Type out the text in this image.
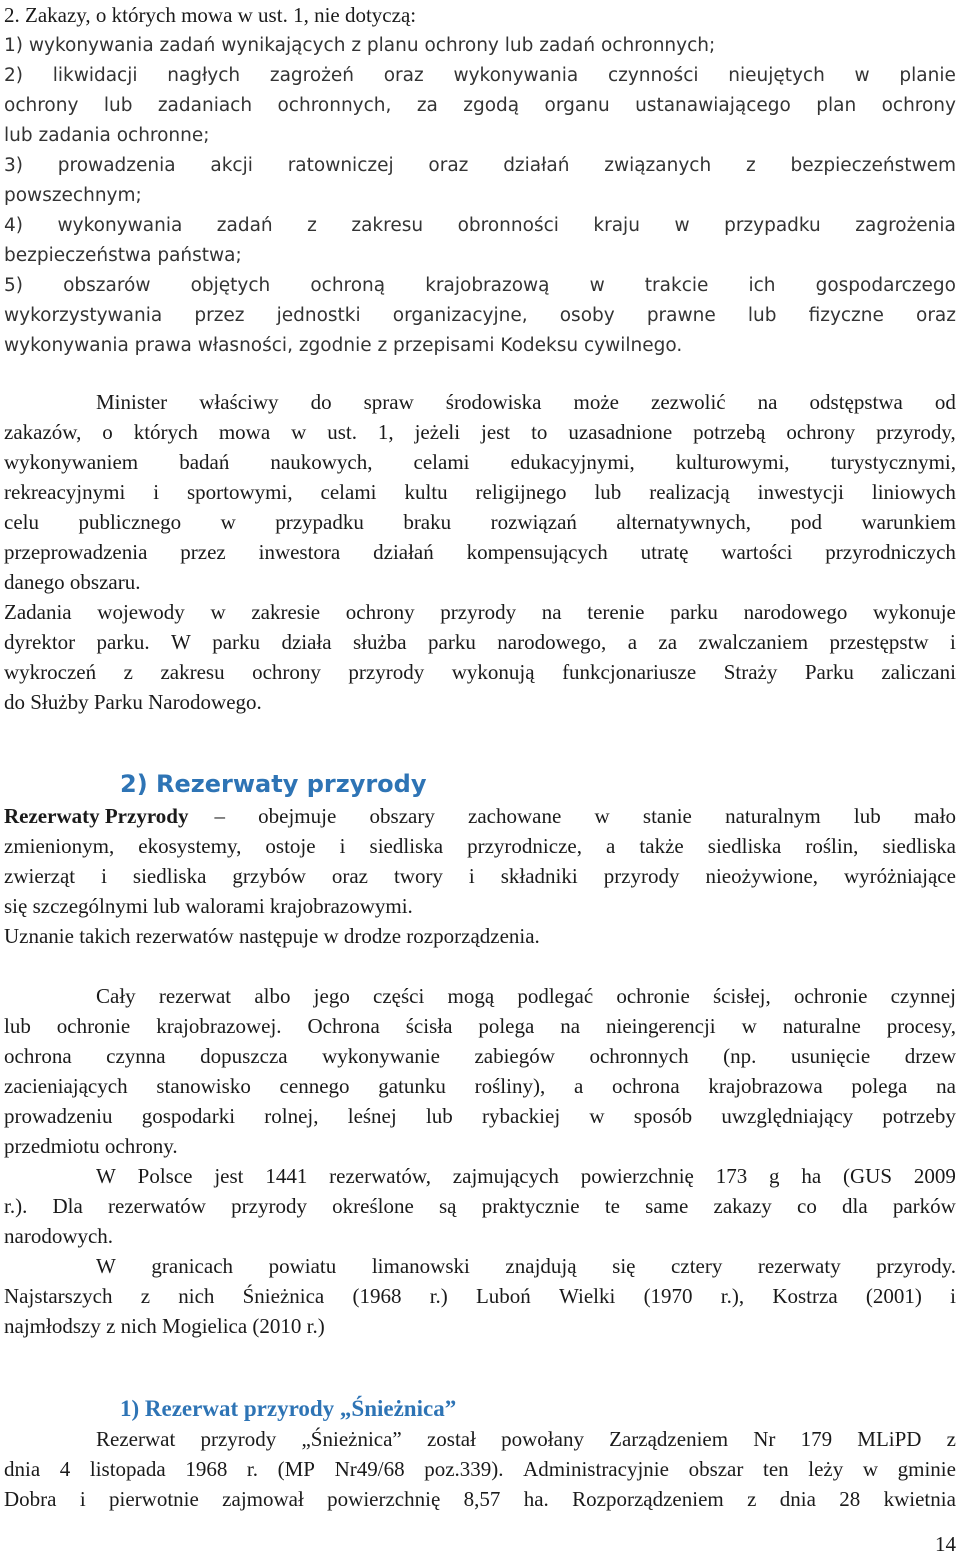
2. Zakazy, o których mowa w ust. 1, nie dotyczą:
1) wykonywania zadań wynikających z planu ochrony lub zadań ochronnych;
2) likwidacji nagłych zagrożeń oraz wykonywania czynności nieujętych w planie
ochrony lub zadaniach ochronnych, za zgodą organu ustanawiającego plan ochrony
lub zadania ochronne;
3) prowadzenia akcji ratowniczej oraz działań związanych z bezpieczeństwem
powszechnym;
4) wykonywania zadań z zakresu obronności kraju w przypadku zagrożenia
bezpieczeństwa państwa;
5) obszarów objętych ochroną krajobrazową w trakcie ich gospodarczego
wykorzystywania przez jednostki organizacyjne, osoby prawne lub fizyczne oraz
wykonywania prawa własności, zgodnie z przepisami Kodeksu cywilnego.
Minister właściwy do spraw środowiska może zezwolić na odstępstwa od
zakazów, o których mowa w ust. 1, jeżeli jest to uzasadnione potrzebą ochrony przyrody,
wykonywaniem badań naukowych, celami edukacyjnymi, kulturowymi, turystycznymi,
rekreacyjnymi i sportowymi, celami kultu religijnego lub realizacją inwestycji liniowych
celu publicznego w przypadku braku rozwiązań alternatywnych, pod warunkiem
przeprowadzenia przez inwestora działań kompensujących utratę wartości przyrodniczych
danego obszaru.
Zadania wojewody w zakresie ochrony przyrody na terenie parku narodowego wykonuje
dyrektor parku. W parku działa służba parku narodowego, a za zwalczaniem przestępstw i
wykroczeń z zakresu ochrony przyrody wykonują funkcjonariusze Straży Parku zaliczani
do Służby Parku Narodowego.
2) Rezerwaty przyrody
Rezerwaty Przyrody – obejmuje obszary zachowane w stanie naturalnym lub mało
zmienionym, ekosystemy, ostoje i siedliska przyrodnicze, a także siedliska roślin, siedliska
zwierząt i siedliska grzybów oraz twory i składniki przyrody nieożywione, wyróżniające
się szczególnymi lub walorami krajobrazowymi.
Uznanie takich rezerwatów następuje w drodze rozporządzenia.
Cały rezerwat albo jego części mogą podlegać ochronie ścisłej, ochronie czynnej
lub ochronie krajobrazowej. Ochrona ścisła polega na nieingerencji w naturalne procesy,
ochrona czynna dopuszcza wykonywanie zabiegów ochronnych (np. usunięcie drzew
zacieniających stanowisko cennego gatunku rośliny), a ochrona krajobrazowa polega na
prowadzeniu gospodarki rolnej, leśnej lub rybackiej w sposób uwzględniający potrzeby
przedmiotu ochrony.
W Polsce jest 1441 rezerwatów, zajmujących powierzchnię 173 g ha (GUS 2009
r.). Dla rezerwatów przyrody określone są praktycznie te same zakazy co dla parków
narodowych.
W granicach powiatu limanowski znajdują się cztery rezerwaty przyrody.
Najstarszych z nich Śnieżnica (1968 r.) Luboń Wielki (1970 r.), Kostrza (2001) i
najmłodszy z nich Mogielica (2010 r.)
1) Rezerwat przyrody „Śnieżnica”
Rezerwat przyrody „Śnieżnica” został powołany Zarządzeniem Nr 179 MLiPD z
dnia 4 listopada 1968 r. (MP Nr49/68 poz.339). Administracyjnie obszar ten leży w gminie
Dobra i pierwotnie zajmował powierzchnię 8,57 ha. Rozporządzeniem z dnia 28 kwietnia
14
